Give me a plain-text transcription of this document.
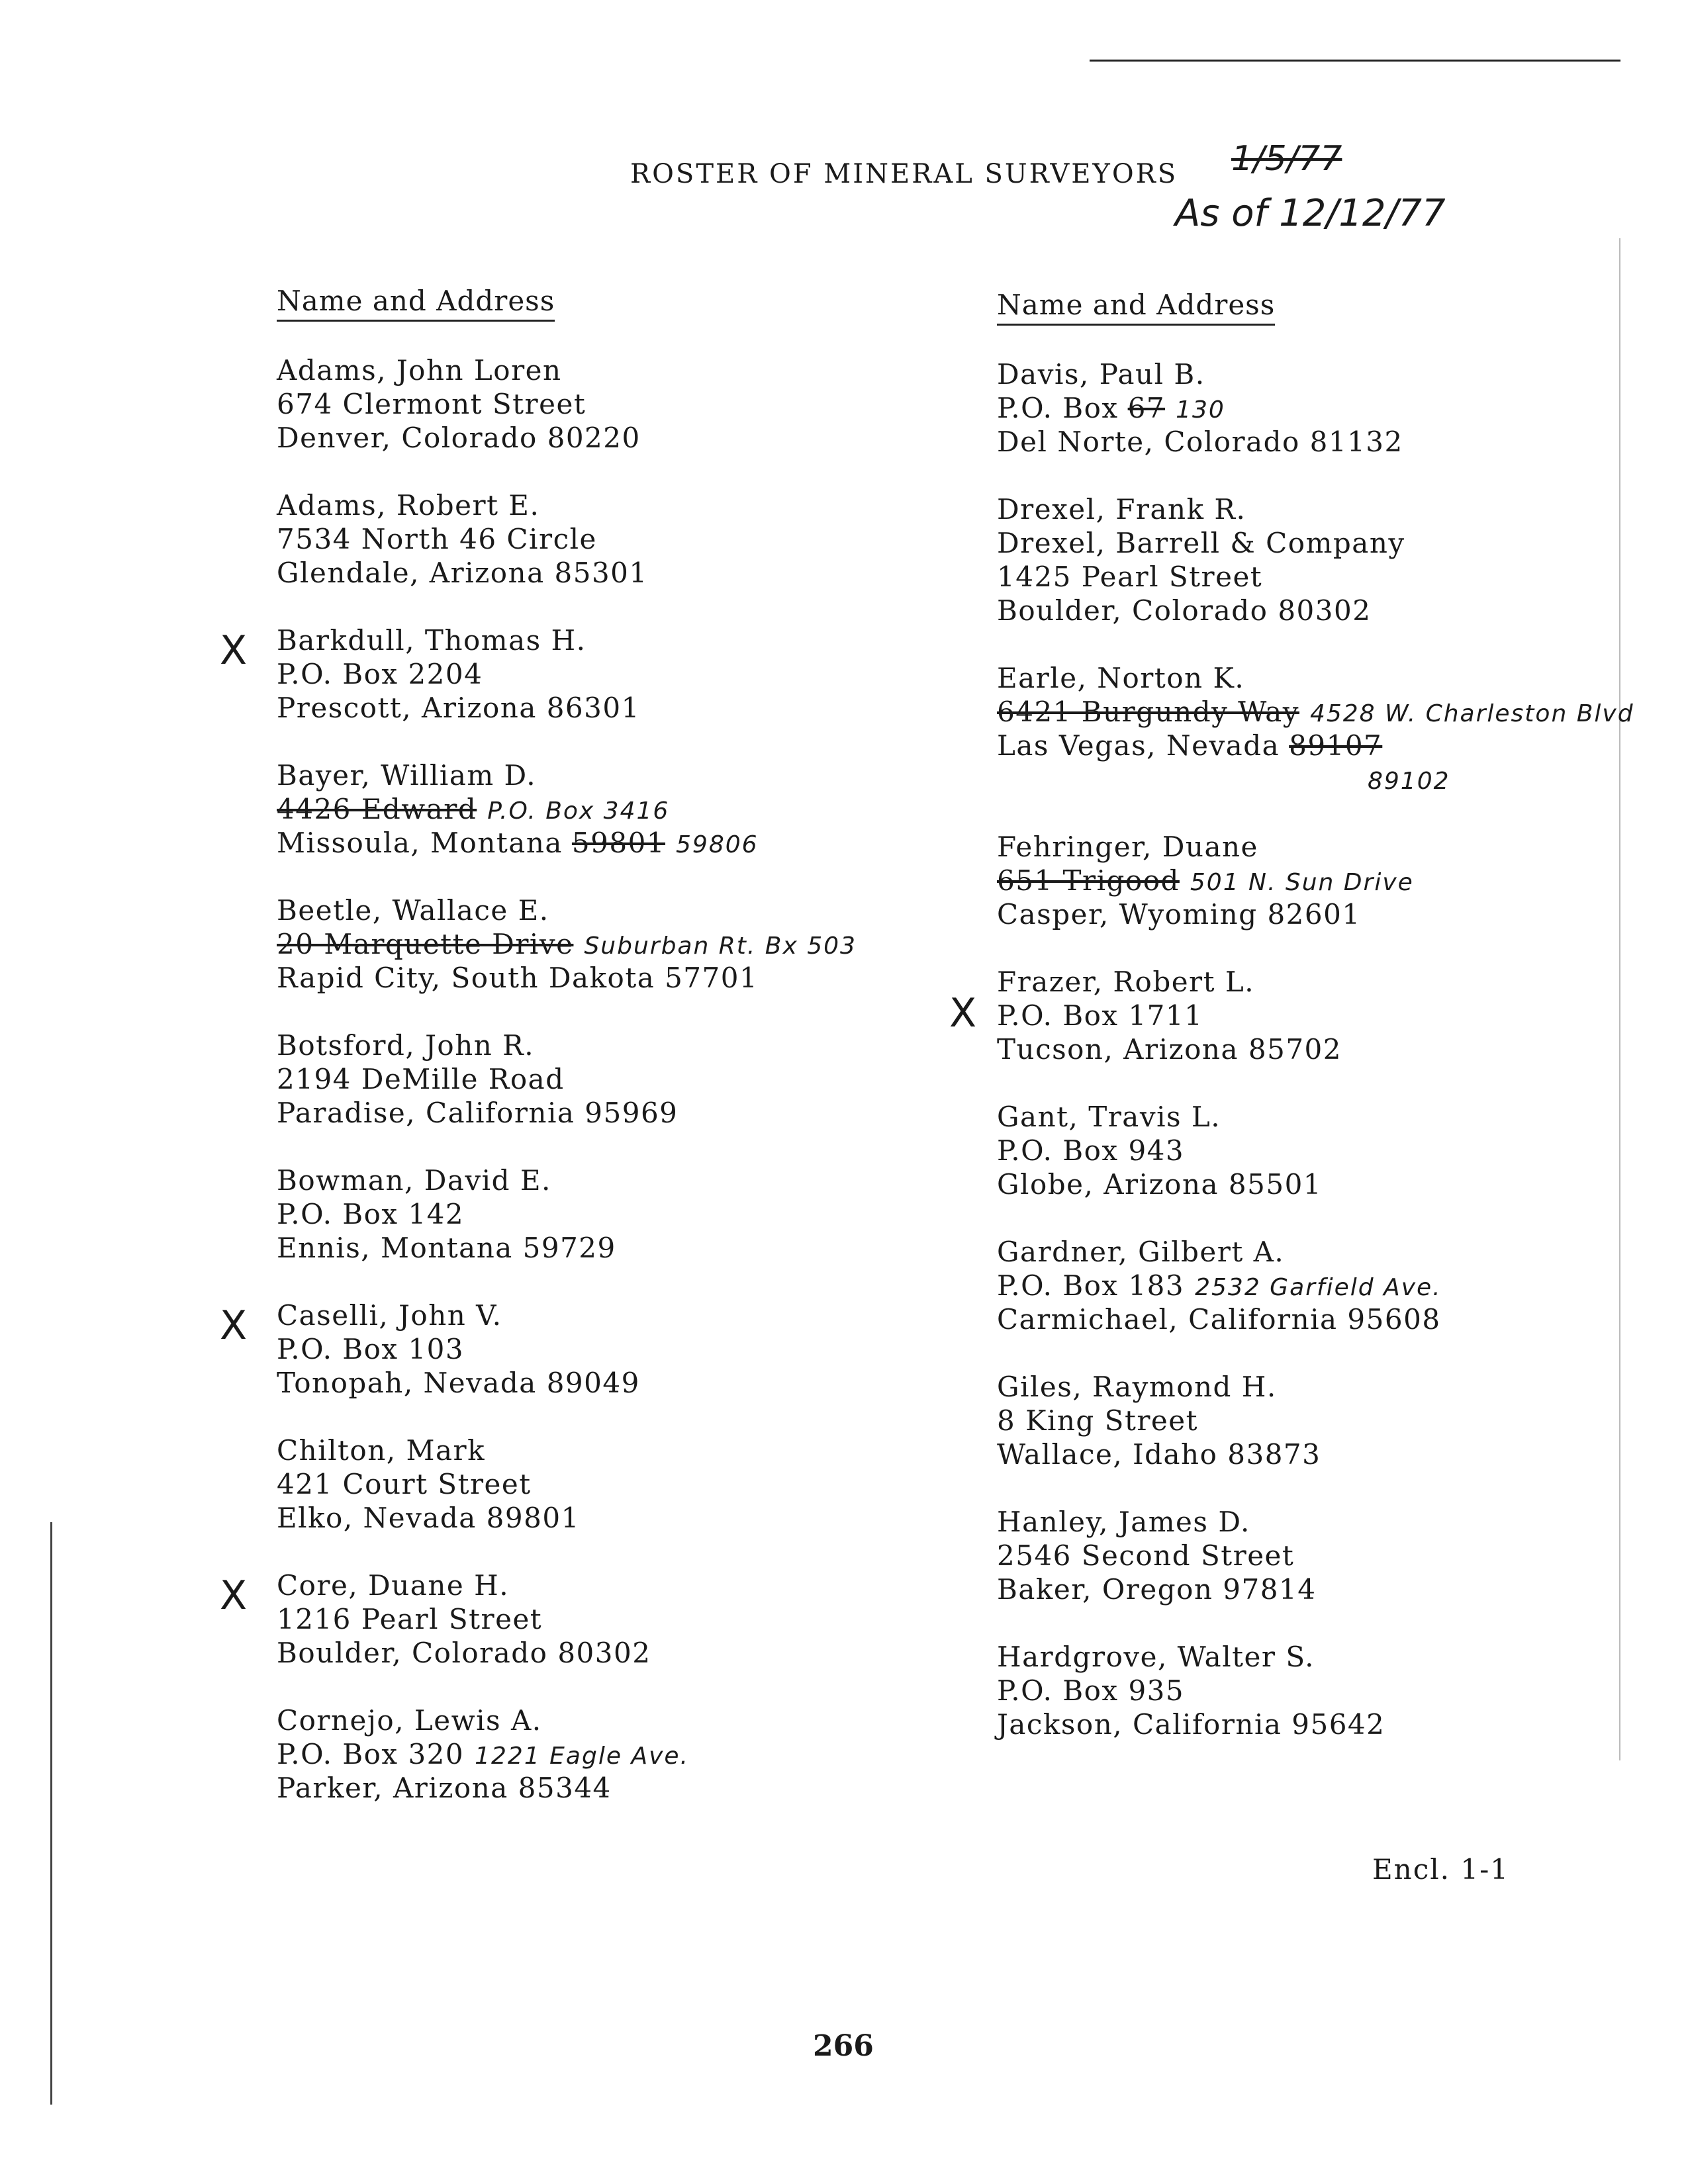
ROSTER OF MINERAL SURVEYORS 1/5/77
As of 12/12/77
Name and Address
Adams, John Loren
674 Clermont Street
Denver, Colorado 80220
Adams, Robert E.
7534 North 46 Circle
Glendale, Arizona 85301
X Barkdull, Thomas H.
P.O. Box 2204
Prescott, Arizona 86301
Bayer, William D.
4426 Edward P.O. Box 3416
Missoula, Montana 59801 59806
Beetle, Wallace E.
20 Marquette Drive Suburban Rt. Bx 503
Rapid City, South Dakota 57701
Botsford, John R.
2194 DeMille Road
Paradise, California 95969
Bowman, David E.
P.O. Box 142
Ennis, Montana 59729
X Caselli, John V.
P.O. Box 103
Tonopah, Nevada 89049
Chilton, Mark
421 Court Street
Elko, Nevada 89801
X Core, Duane H.
1216 Pearl Street
Boulder, Colorado 80302
Cornejo, Lewis A.
P.O. Box 320 1221 Eagle Ave.
Parker, Arizona 85344
Name and Address
Davis, Paul B.
P.O. Box 67 130
Del Norte, Colorado 81132
Drexel, Frank R.
Drexel, Barrell & Company
1425 Pearl Street
Boulder, Colorado 80302
Earle, Norton K.
6421 Burgundy Way 4528 W. Charleston Blvd
Las Vegas, Nevada 89107
89102
Fehringer, Duane
651 Trigood 501 N. Sun Drive
Casper, Wyoming 82601
X
Frazer, Robert L.
P.O. Box 1711
Tucson, Arizona 85702
Gant, Travis L.
P.O. Box 943
Globe, Arizona 85501
Gardner, Gilbert A.
P.O. Box 183 2532 Garfield Ave.
Carmichael, California 95608
Giles, Raymond H.
8 King Street
Wallace, Idaho 83873
Hanley, James D.
2546 Second Street
Baker, Oregon 97814
Hardgrove, Walter S.
P.O. Box 935
Jackson, California 95642
Encl. 1-1
266
